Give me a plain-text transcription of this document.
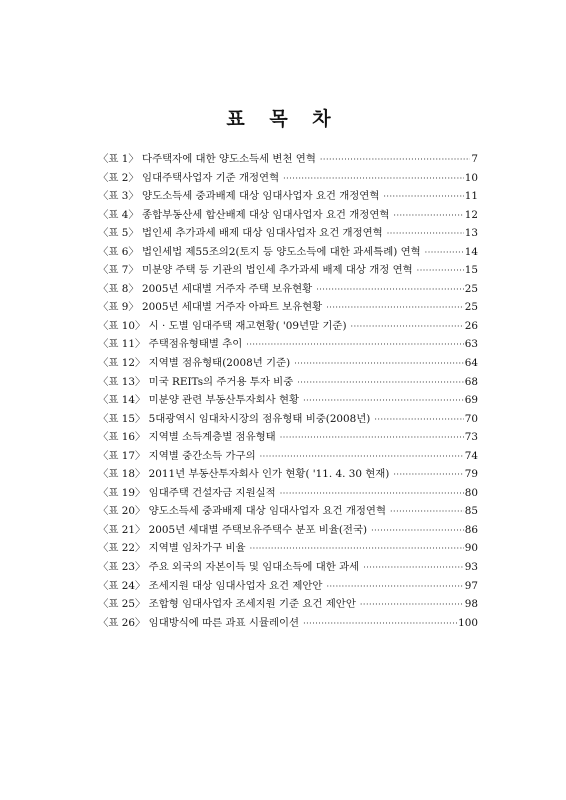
표 목 차
〈표 1〉 다주택자에 대한 양도소득세 변천 연혁 ·····	7
〈표 2〉 임대주택사업자 기준 개정연혁 ·····	10
〈표 3〉 양도소득세 중과배제 대상 임대사업자 요건 개정연혁 ·····	11
〈표 4〉 종합부동산세 합산배제 대상 임대사업자 요건 개정연혁 ·····	12
〈표 5〉 법인세 추가과세 배제 대상 임대사업자 요건 개정연혁 ·····	13
〈표 6〉 법인세법 제55조의2(토지 등 양도소득에 대한 과세특례) 연혁 ·····	14
〈표 7〉 미분양 주택 등 기관의 법인세 추가과세 배제 대상 개정 연혁 ·····	15
〈표 8〉 2005년 세대별 거주자 주택 보유현황 ·····	25
〈표 9〉 2005년 세대별 거주자 아파트 보유현황 ·····	25
〈표 10〉 시 · 도별 임대주택 재고현황( '09년말 기준) ·····	26
〈표 11〉 주택점유형태별 추이 ·····	63
〈표 12〉 지역별 점유형태(2008년 기준) ·····	64
〈표 13〉 미국 REITs의 주거용 투자 비중 ·····	68
〈표 14〉 미분양 관련 부동산투자회사 현황 ·····	69
〈표 15〉 5대광역시 임대차시장의 점유형태 비중(2008년) ·····	70
〈표 16〉 지역별 소득계층별 점유형태 ·····	73
〈표 17〉 지역별 중간소득 가구의 ·····	74
〈표 18〉 2011년 부동산투자회사 인가 현황( '11. 4. 30 현재) ·····	79
〈표 19〉 임대주택 건설자금 지원실적 ·····	80
〈표 20〉 양도소득세 중과배제 대상 임대사업자 요건 개정연혁 ·····	85
〈표 21〉 2005년 세대별 주택보유주택수 분포 비율(전국) ·····	86
〈표 22〉 지역별 임차가구 비율 ·····	90
〈표 23〉 주요 외국의 자본이득 및 임대소득에 대한 과세 ·····	93
〈표 24〉 조세지원 대상 임대사업자 요건 제안안 ·····	97
〈표 25〉 조합형 임대사업자 조세지원 기준 요건 제안안 ·····	98
〈표 26〉 임대방식에 따른 과표 시뮬레이션 ·····	100
